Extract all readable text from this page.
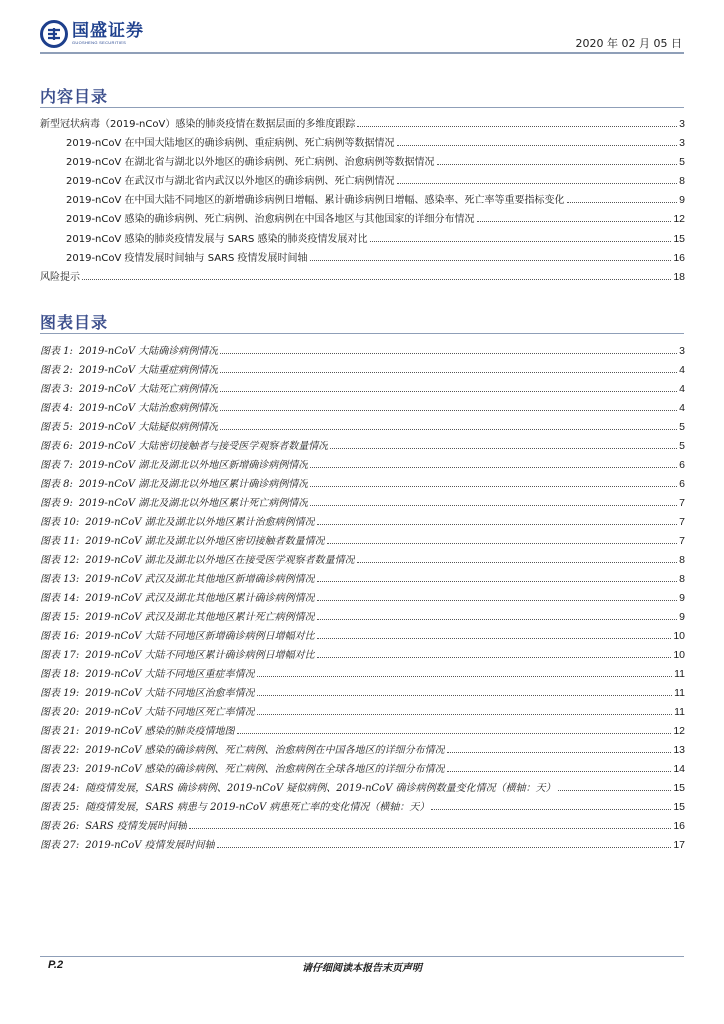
国盛证券
GUOSHENG SECURITIES	2020 年 02 月 05 日
内容目录
新型冠状病毒（2019-nCoV）感染的肺炎疫情在数据层面的多维度跟踪	3
2019-nCoV 在中国大陆地区的确诊病例、重症病例、死亡病例等数据情况	3
2019-nCoV 在湖北省与湖北以外地区的确诊病例、死亡病例、治愈病例等数据情况	5
2019-nCoV 在武汉市与湖北省内武汉以外地区的确诊病例、死亡病例情况	8
2019-nCoV 在中国大陆不同地区的新增确诊病例日增幅、累计确诊病例日增幅、感染率、死亡率等重要指标变化	9
2019-nCoV 感染的确诊病例、死亡病例、治愈病例在中国各地区与其他国家的详细分布情况	12
2019-nCoV 感染的肺炎疫情发展与 SARS 感染的肺炎疫情发展对比	15
2019-nCoV 疫情发展时间轴与 SARS 疫情发展时间轴	16
风险提示	18
图表目录
图表 1: 2019-nCoV 大陆确诊病例情况	3
图表 2: 2019-nCoV 大陆重症病例情况	4
图表 3: 2019-nCoV 大陆死亡病例情况	4
图表 4: 2019-nCoV 大陆治愈病例情况	4
图表 5: 2019-nCoV 大陆疑似病例情况	5
图表 6: 2019-nCoV 大陆密切接触者与接受医学观察者数量情况	5
图表 7: 2019-nCoV 湖北及湖北以外地区新增确诊病例情况	6
图表 8: 2019-nCoV 湖北及湖北以外地区累计确诊病例情况	6
图表 9: 2019-nCoV 湖北及湖北以外地区累计死亡病例情况	7
图表 10: 2019-nCoV 湖北及湖北以外地区累计治愈病例情况	7
图表 11: 2019-nCoV 湖北及湖北以外地区密切接触者数量情况	7
图表 12: 2019-nCoV 湖北及湖北以外地区在接受医学观察者数量情况	8
图表 13: 2019-nCoV 武汉及湖北其他地区新增确诊病例情况	8
图表 14: 2019-nCoV 武汉及湖北其他地区累计确诊病例情况	9
图表 15: 2019-nCoV 武汉及湖北其他地区累计死亡病例情况	9
图表 16: 2019-nCoV 大陆不同地区新增确诊病例日增幅对比	10
图表 17: 2019-nCoV 大陆不同地区累计确诊病例日增幅对比	10
图表 18: 2019-nCoV 大陆不同地区重症率情况	11
图表 19: 2019-nCoV 大陆不同地区治愈率情况	11
图表 20: 2019-nCoV 大陆不同地区死亡率情况	11
图表 21: 2019-nCoV 感染的肺炎疫情地图	12
图表 22: 2019-nCoV 感染的确诊病例、死亡病例、治愈病例在中国各地区的详细分布情况	13
图表 23: 2019-nCoV 感染的确诊病例、死亡病例、治愈病例在全球各地区的详细分布情况	14
图表 24: 随疫情发展，SARS 确诊病例、2019-nCoV 疑似病例、2019-nCoV 确诊病例数量变化情况（横轴：天）	15
图表 25: 随疫情发展，SARS 病患与 2019-nCoV 病患死亡率的变化情况（横轴：天）	15
图表 26: SARS 疫情发展时间轴	16
图表 27: 2019-nCoV 疫情发展时间轴	17
P.2	请仔细阅读本报告末页声明
